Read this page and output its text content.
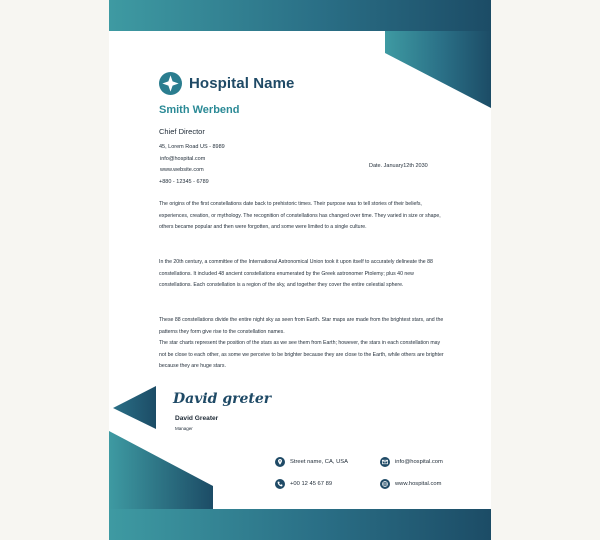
Hospital Name
Smith Werbend
Chief Director
45, Lorem Road US - 8989
info@hospital.com
www.website.com
+880 - 12345 - 6789
Date. January12th 2030

The origins of the first constellations date back to prehistoric times. Their purpose was to tell stories of their beliefs, experiences, creation, or mythology. The recognition of constellations has changed over time. They varied in size or shape, others became popular and then were forgotten, and some were limited to a single culture.

In the 20th century, a committee of the International Astronomical Union took it upon itself to accurately delineate the 88 constellations. It included 48 ancient constellations enumerated by the Greek astronomer Ptolemy; plus 40 new constellations. Each constellation is a region of the sky, and together they cover the entire celestial sphere.

These 88 constellations divide the entire night sky as seen from Earth. Star maps are made from the brightest stars, and the patterns they form give rise to the constellation names.

The star charts represent the position of the stars as we see them from Earth; however, the stars in each constellation may not be close to each other, as some we perceive to be brighter because they are close to the Earth, while others are brighter because they are huge stars.

David greter
David Greater
Manager
Street name, CA, USA	info@hospital.com
+00 12 45 67 89	www.hospital.com
